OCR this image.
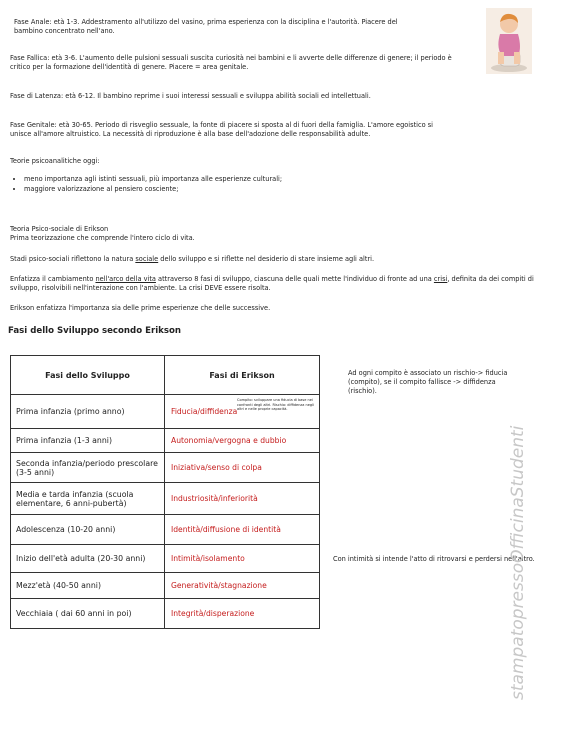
Fase Anale: età 1-3. Addestramento all'utilizzo del vasino, prima esperienza con la disciplina e l'autorità. Piacere del bambino concentrato nell'ano.
Fase Fallica: età 3-6. L'aumento delle pulsioni sessuali suscita curiosità nei bambini e li avverte delle differenze di genere; il periodo è critico per la formazione dell'identità di genere. Piacere = area genitale.
Fase di Latenza: età 6-12. Il bambino reprime i suoi interessi sessuali e sviluppa abilità sociali ed intellettuali.
Fase Genitale: età 30-65. Periodo di risveglio sessuale, la fonte di piacere si sposta al di fuori della famiglia. L'amore egoistico si unisce all'amore altruistico. La necessità di riproduzione è alla base dell'adozione delle responsabilità adulte.
Teorie psicoanalitiche oggi:
• meno importanza agli istinti sessuali, più importanza alle esperienze culturali;
• maggiore valorizzazione al pensiero cosciente;
Teoria Psico-sociale di Erikson
Prima teorizzazione che comprende l'intero ciclo di vita.
Stadi psico-sociali riflettono la natura sociale dello sviluppo e si riflette nel desiderio di stare insieme agli altri.
Enfatizza il cambiamento nell'arco della vita attraverso 8 fasi di sviluppo, ciascuna delle quali mette l'individuo di fronte ad una crisi, definita da dei compiti di sviluppo, risolvibili nell'interazione con l'ambiente. La crisi DEVE essere risolta.
Erikson enfatizza l'importanza sia delle prime esperienze che delle successive.
Fasi dello Sviluppo secondo Erikson
Fasi dello Sviluppo	Fasi di Erikson
Prima infanzia (primo anno)	Fiducia/diffidenza
Compito: sviluppare una fiducia di base nei confronti degli altri. Rischio: diffidenza negli altri e nelle proprie capacità.

Prima infanzia (1-3 anni)	Autonomia/vergogna e dubbio
Seconda infanzia/periodo prescolare (3-5 anni)	Iniziativa/senso di colpa
Media e tarda infanzia (scuola elementare, 6 anni-pubertà)	Industriosità/inferiorità
Adolescenza (10-20 anni)	Identità/diffusione di identità
Inizio dell'età adulta (20-30 anni)	Intimità/isolamento
Mezz'età (40-50 anni)	Generatività/stagnazione
Vecchiaia ( dai 60 anni in poi)	Integrità/disperazione
Ad ogni compito è associato un rischio-> fiducia (compito), se il compito fallisce -> diffidenza (rischio).
Con intimità si intende l'atto di ritrovarsi e perdersi nell'altro.
stampatopressoOfficinaStudenti
